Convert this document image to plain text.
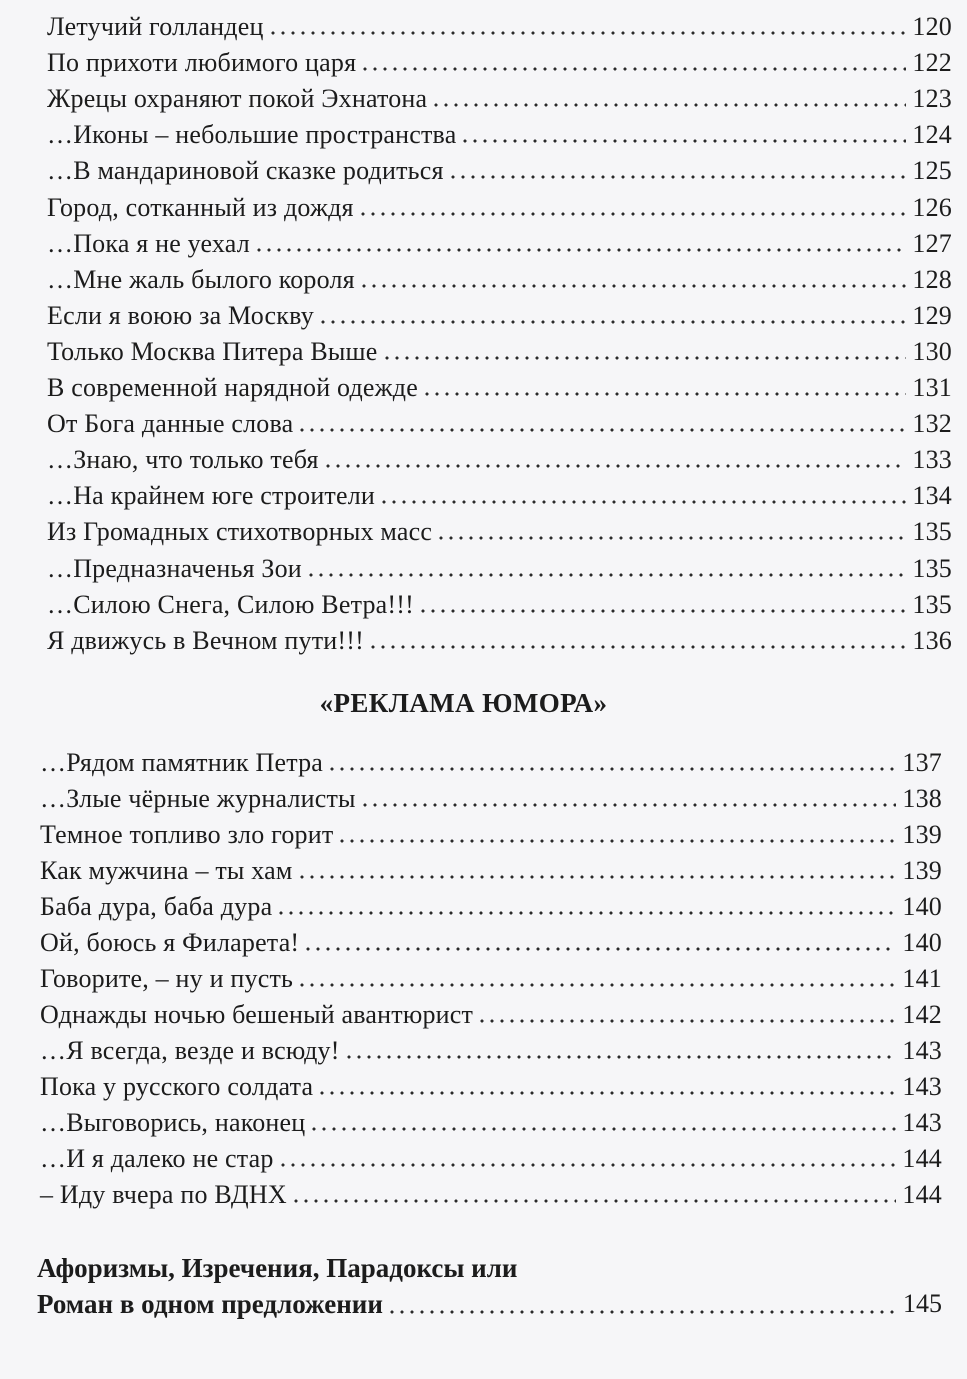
Летучий голландец	120
По прихоти любимого царя	122
Жрецы охраняют покой Эхнатона	123
…Иконы – небольшие пространства	124
…В мандариновой сказке родиться	125
Город, сотканный из дождя	126
…Пока я не уехал	127
…Мне жаль былого короля	128
Если я воюю за Москву	129
Только Москва Питера Выше	130
В современной нарядной одежде	131
От Бога данные слова	132
…Знаю, что только тебя	133
…На крайнем юге строители	134
Из Громадных стихотворных масс	135
…Предназначенья Зои	135
…Силою Снега, Силою Ветра!!!	135
Я движусь в Вечном пути!!!	136
«РЕКЛАМА ЮМОРА»
…Рядом памятник Петра	137
…Злые чёрные журналисты	138
Темное топливо зло горит	139
Как мужчина – ты хам	139
Баба дура, баба дура	140
Ой, боюсь я Филарета!	140
Говорите, – ну и пусть	141
Однажды ночью бешеный авантюрист	142
…Я всегда, везде и всюду!	143
Пока у русского солдата	143
…Выговорись, наконец	143
…И я далеко не стар	144
– Иду вчера по ВДНХ	144
Афоризмы, Изречения, Парадоксы или
Роман в одном предложении	145
